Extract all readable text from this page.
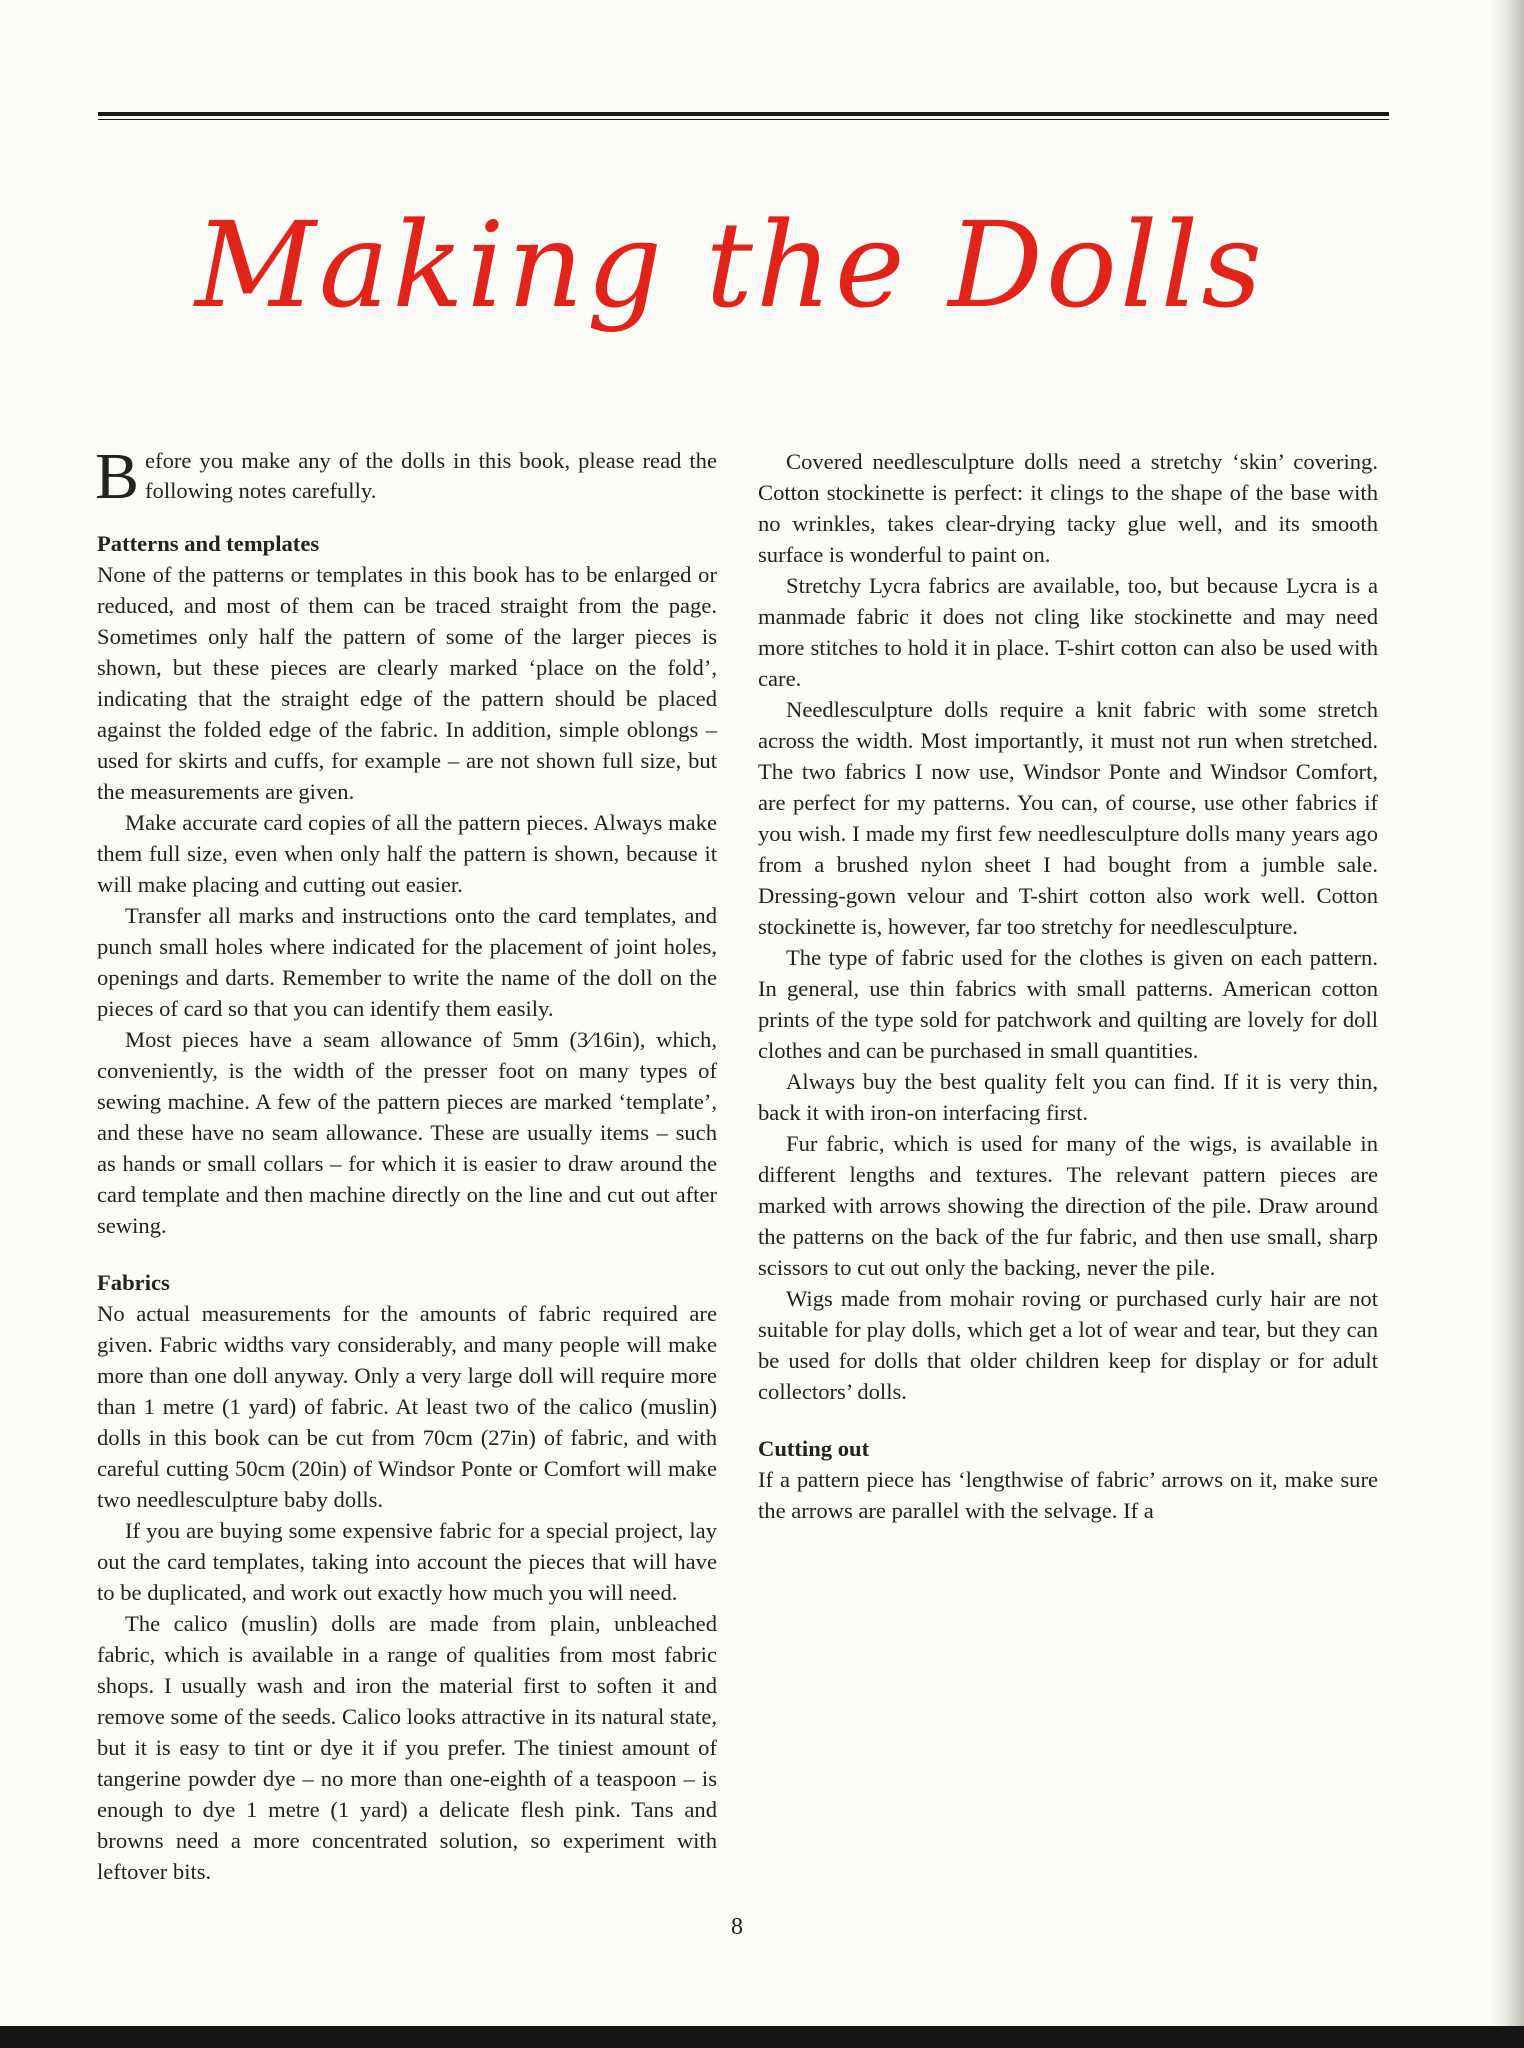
Making the Dolls

Before you make any of the dolls in this book, please read the following notes carefully.

Patterns and templates

None of the patterns or templates in this book has to be enlarged or reduced, and most of them can be traced straight from the page. Sometimes only half the pattern of some of the larger pieces is shown, but these pieces are clearly marked ‘place on the fold’, indicating that the straight edge of the pattern should be placed against the folded edge of the fabric. In addition, simple oblongs – used for skirts and cuffs, for example – are not shown full size, but the measurements are given.

Make accurate card copies of all the pattern pieces. Always make them full size, even when only half the pattern is shown, because it will make placing and cutting out easier.

Transfer all marks and instructions onto the card templates, and punch small holes where indicated for the placement of joint holes, openings and darts. Remember to write the name of the doll on the pieces of card so that you can identify them easily.

Most pieces have a seam allowance of 5mm (3⁄16in), which, conveniently, is the width of the presser foot on many types of sewing machine. A few of the pattern pieces are marked ‘template’, and these have no seam allowance. These are usually items – such as hands or small collars – for which it is easier to draw around the card template and then machine directly on the line and cut out after sewing.

Fabrics

No actual measurements for the amounts of fabric required are given. Fabric widths vary considerably, and many people will make more than one doll anyway. Only a very large doll will require more than 1 metre (1 yard) of fabric. At least two of the calico (muslin) dolls in this book can be cut from 70cm (27in) of fabric, and with careful cutting 50cm (20in) of Windsor Ponte or Comfort will make two needlesculpture baby dolls.

If you are buying some expensive fabric for a special project, lay out the card templates, taking into account the pieces that will have to be duplicated, and work out exactly how much you will need.

The calico (muslin) dolls are made from plain, unbleached fabric, which is available in a range of qualities from most fabric shops. I usually wash and iron the material first to soften it and remove some of the seeds. Calico looks attractive in its natural state, but it is easy to tint or dye it if you prefer. The tiniest amount of tangerine powder dye – no more than one-eighth of a teaspoon – is enough to dye 1 metre (1 yard) a delicate flesh pink. Tans and browns need a more concentrated solution, so experiment with leftover bits.

Covered needlesculpture dolls need a stretchy ‘skin’ covering. Cotton stockinette is perfect: it clings to the shape of the base with no wrinkles, takes clear-drying tacky glue well, and its smooth surface is wonderful to paint on.

Stretchy Lycra fabrics are available, too, but because Lycra is a manmade fabric it does not cling like stockinette and may need more stitches to hold it in place. T-shirt cotton can also be used with care.

Needlesculpture dolls require a knit fabric with some stretch across the width. Most importantly, it must not run when stretched. The two fabrics I now use, Windsor Ponte and Windsor Comfort, are perfect for my patterns. You can, of course, use other fabrics if you wish. I made my first few needlesculpture dolls many years ago from a brushed nylon sheet I had bought from a jumble sale. Dressing-gown velour and T-shirt cotton also work well. Cotton stockinette is, however, far too stretchy for needlesculpture.

The type of fabric used for the clothes is given on each pattern. In general, use thin fabrics with small patterns. American cotton prints of the type sold for patchwork and quilting are lovely for doll clothes and can be purchased in small quantities.

Always buy the best quality felt you can find. If it is very thin, back it with iron-on interfacing first.

Fur fabric, which is used for many of the wigs, is available in different lengths and textures. The relevant pattern pieces are marked with arrows showing the direction of the pile. Draw around the patterns on the back of the fur fabric, and then use small, sharp scissors to cut out only the backing, never the pile.

Wigs made from mohair roving or purchased curly hair are not suitable for play dolls, which get a lot of wear and tear, but they can be used for dolls that older children keep for display or for adult collectors’ dolls.

Cutting out

If a pattern piece has ‘lengthwise of fabric’ arrows on it, make sure the arrows are parallel with the selvage. If a

8
